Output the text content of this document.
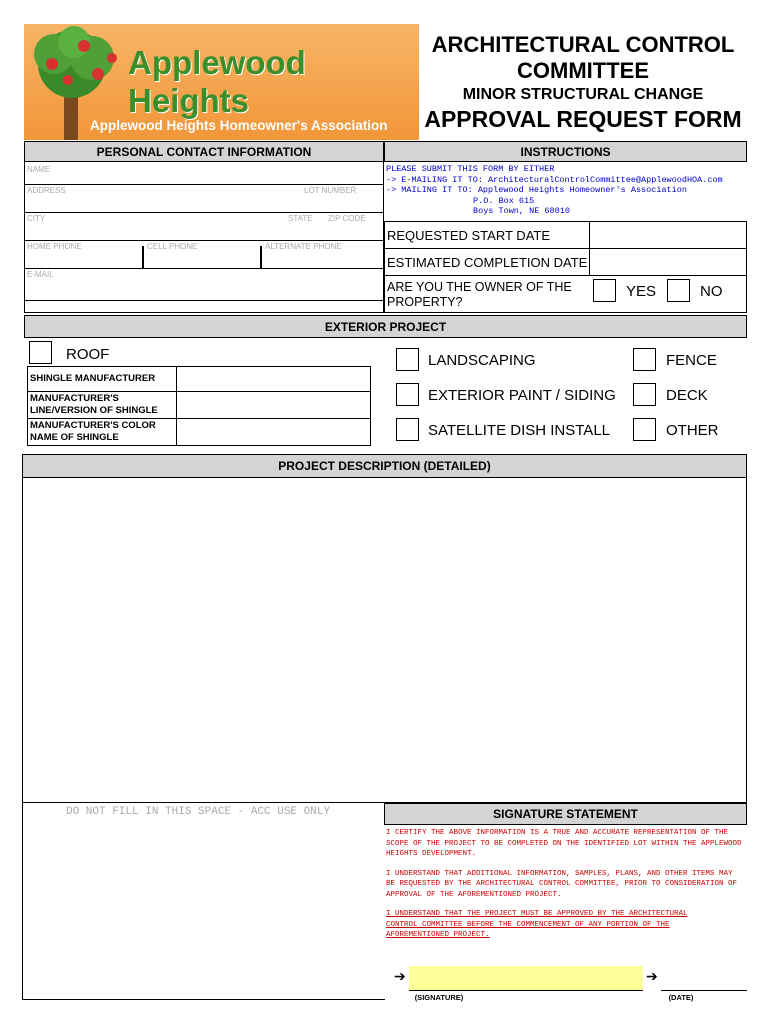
Applewood Heights
Applewood Heights Homeowner's Association
ARCHITECTURAL CONTROL
COMMITTEE
MINOR STRUCTURAL CHANGE
APPROVAL REQUEST FORM
PERSONAL CONTACT INFORMATION
NAME
ADDRESS	LOT NUMBER
CITY	STATE ZIP CODE
HOME PHONE	CELL PHONE	ALTERNATE PHONE
E-MAIL
INSTRUCTIONS
PLEASE SUBMIT THIS FORM BY EITHER
-> E-MAILING IT TO: ArchitecturalControlCommittee@ApplewoodHOA.com
-> MAILING IT TO: Applewood Heights Homeowner's Association
P.O. Box 615
Boys Town, NE 68010
REQUESTED START DATE
ESTIMATED COMPLETION DATE
ARE YOU THE OWNER OF THE PROPERTY?
YES	NO
EXTERIOR PROJECT
ROOF
SHINGLE MANUFACTURER
MANUFACTURER'S LINE/VERSION OF SHINGLE
MANUFACTURER'S COLOR NAME OF SHINGLE
LANDSCAPING	FENCE
EXTERIOR PAINT / SIDING	DECK
SATELLITE DISH INSTALL	OTHER
PROJECT DESCRIPTION (DETAILED)
DO NOT FILL IN THIS SPACE - ACC USE ONLY	SIGNATURE STATEMENT
I CERTIFY THE ABOVE INFORMATION IS A TRUE AND ACCURATE REPRESENTATION OF THE SCOPE OF THE PROJECT TO BE COMPLETED ON THE IDENTIFIED LOT WITHIN THE APPLEWOOD HEIGHTS DEVELOPMENT.
I UNDERSTAND THAT ADDITIONAL INFORMATION, SAMPLES, PLANS, AND OTHER ITEMS MAY BE REQUESTED BY THE ARCHITECTURAL CONTROL COMMITTEE, PRIOR TO CONSIDERATION OF APPROVAL OF THE AFOREMENTIONED PROJECT.
I UNDERSTAND THAT THE PROJECT MUST BE APPROVED BY THE ARCHITECTURAL CONTROL COMMITTEE BEFORE THE COMMENCEMENT OF ANY PORTION OF THE AFOREMENTIONED PROJECT.
➔
(SIGNATURE)
➔
(DATE)
